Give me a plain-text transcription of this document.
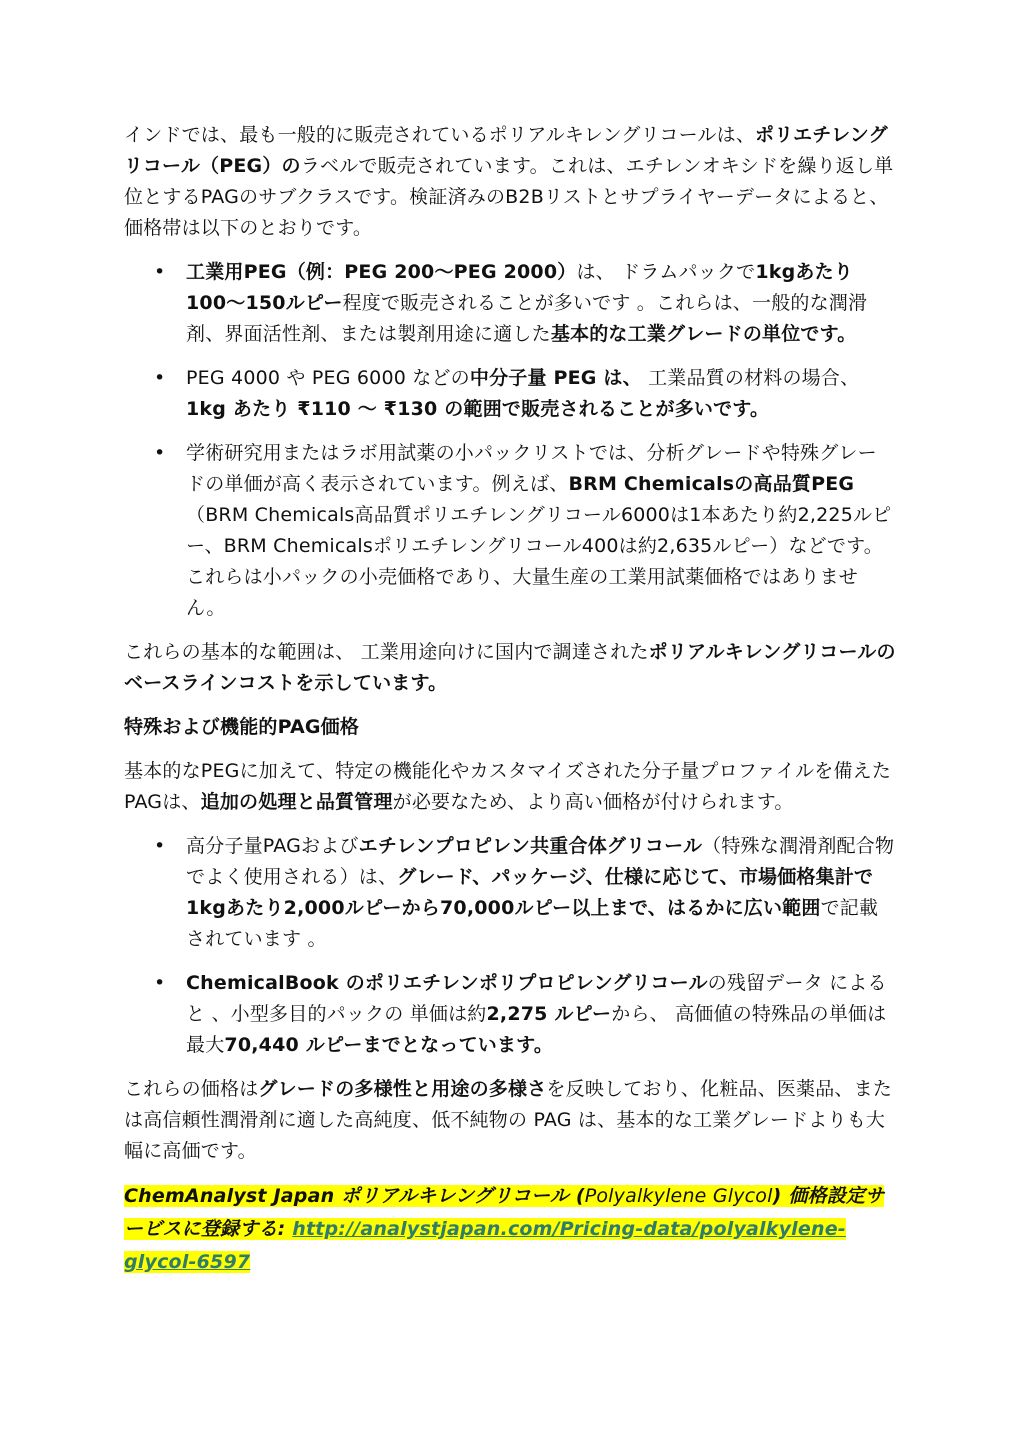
インドでは、最も一般的に販売されているポリアルキレングリコールは、ポリエチレングリコール（PEG）のラベルで販売されています。これは、エチレンオキシドを繰り返し単位とするPAGのサブクラスです。検証済みのB2Bリストとサプライヤーデータによると、価格帯は以下のとおりです。

• 工業用PEG（例：PEG 200〜PEG 2000）は、 ドラムパックで1kgあたり100〜150ルピー程度で販売されることが多いです 。これらは、一般的な潤滑剤、界面活性剤、または製剤用途に適した基本的な工業グレードの単位です。
• PEG 4000 や PEG 6000 などの中分子量 PEG は、 工業品質の材料の場合、1kg あたり ₹110 〜 ₹130 の範囲で販売されることが多いです。
• 学術研究用またはラボ用試薬の小パックリストでは、分析グレードや特殊グレードの単価が高く表示されています。例えば、BRM Chemicalsの高品質PEG（BRM Chemicals高品質ポリエチレングリコール6000は1本あたり約2,225ルピー、BRM Chemicalsポリエチレングリコール400は約2,635ルピー）などです。これらは小パックの小売価格であり、大量生産の工業用試薬価格ではありません。

これらの基本的な範囲は、 工業用途向けに国内で調達されたポリアルキレングリコールのベースラインコストを示しています。

特殊および機能的PAG価格

基本的なPEGに加えて、特定の機能化やカスタマイズされた分子量プロファイルを備えたPAGは、追加の処理と品質管理が必要なため、より高い価格が付けられます。

• 高分子量PAGおよびエチレンプロピレン共重合体グリコール（特殊な潤滑剤配合物でよく使用される）は、グレード、パッケージ、仕様に応じて、市場価格集計で1kgあたり2,000ルピーから70,000ルピー以上まで、はるかに広い範囲で記載されています 。
• ChemicalBook のポリエチレンポリプロピレングリコールの残留データ によると 、小型多目的パックの 単価は約2,275 ルピーから、 高価値の特殊品の単価は最大70,440 ルピーまでとなっています。

これらの価格はグレードの多様性と用途の多様さを反映しており、化粧品、医薬品、または高信頼性潤滑剤に適した高純度、低不純物の PAG は、基本的な工業グレードよりも大幅に高価です。

ChemAnalyst Japan ポリアルキレングリコール (Polyalkylene Glycol) 価格設定サービスに登録する: http://analystjapan.com/Pricing-data/polyalkylene-glycol-6597
